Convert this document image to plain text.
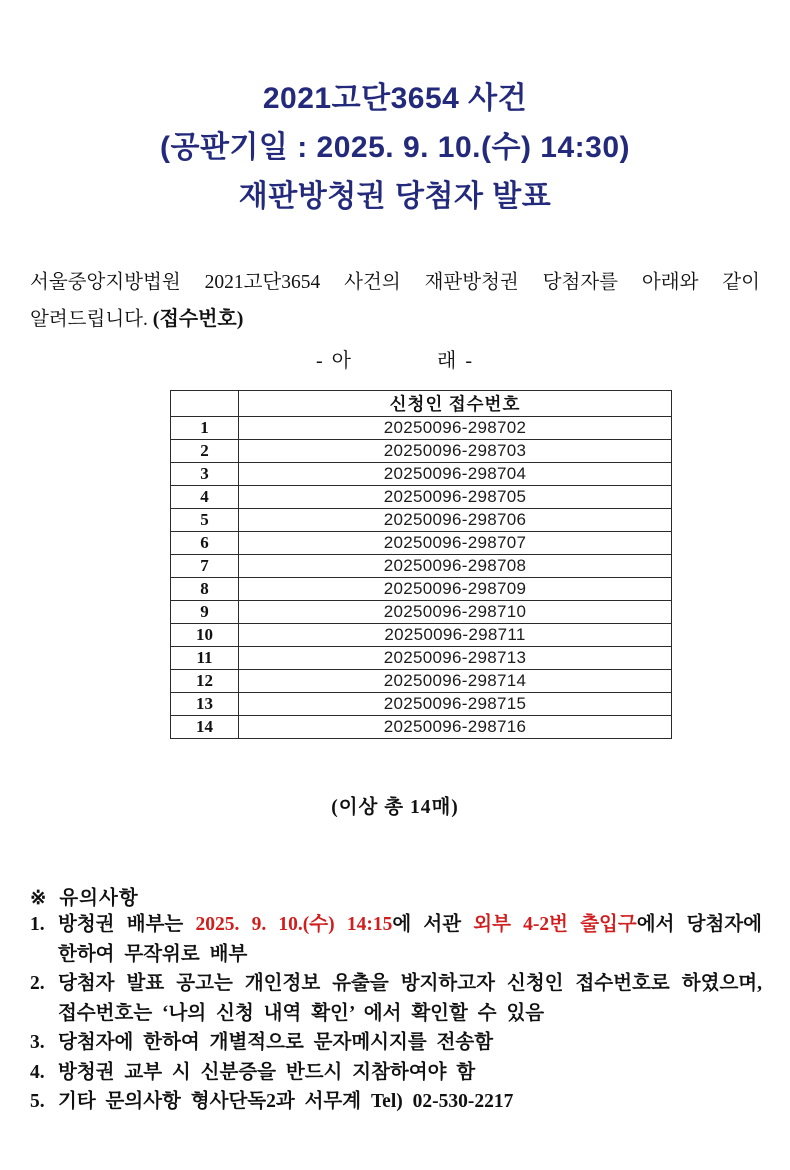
2021고단3654 사건
(공판기일 : 2025. 9. 10.(수) 14:30)
재판방청권 당첨자 발표
서울중앙지방법원 2021고단3654 사건의 재판방청권 당첨자를 아래와 같이
알려드립니다. (접수번호)
- 아            래 -
	신청인 접수번호
1	20250096-298702
2	20250096-298703
3	20250096-298704
4	20250096-298705
5	20250096-298706
6	20250096-298707
7	20250096-298708
8	20250096-298709
9	20250096-298710
10	20250096-298711
11	20250096-298713
12	20250096-298714
13	20250096-298715
14	20250096-298716
(이상 총 14매)
※ 유의사항
1. 방청권 배부는 2025. 9. 10.(수) 14:15에 서관 외부 4-2번 출입구에서 당첨자에 한하여 무작위로 배부
2. 당첨자 발표 공고는 개인정보 유출을 방지하고자 신청인 접수번호로 하였으며, 접수번호는 ‘나의 신청 내역 확인’ 에서 확인할 수 있음
3. 당첨자에 한하여 개별적으로 문자메시지를 전송함
4. 방청권 교부 시 신분증을 반드시 지참하여야 함
5. 기타 문의사항 형사단독2과 서무계 Tel) 02-530-2217
